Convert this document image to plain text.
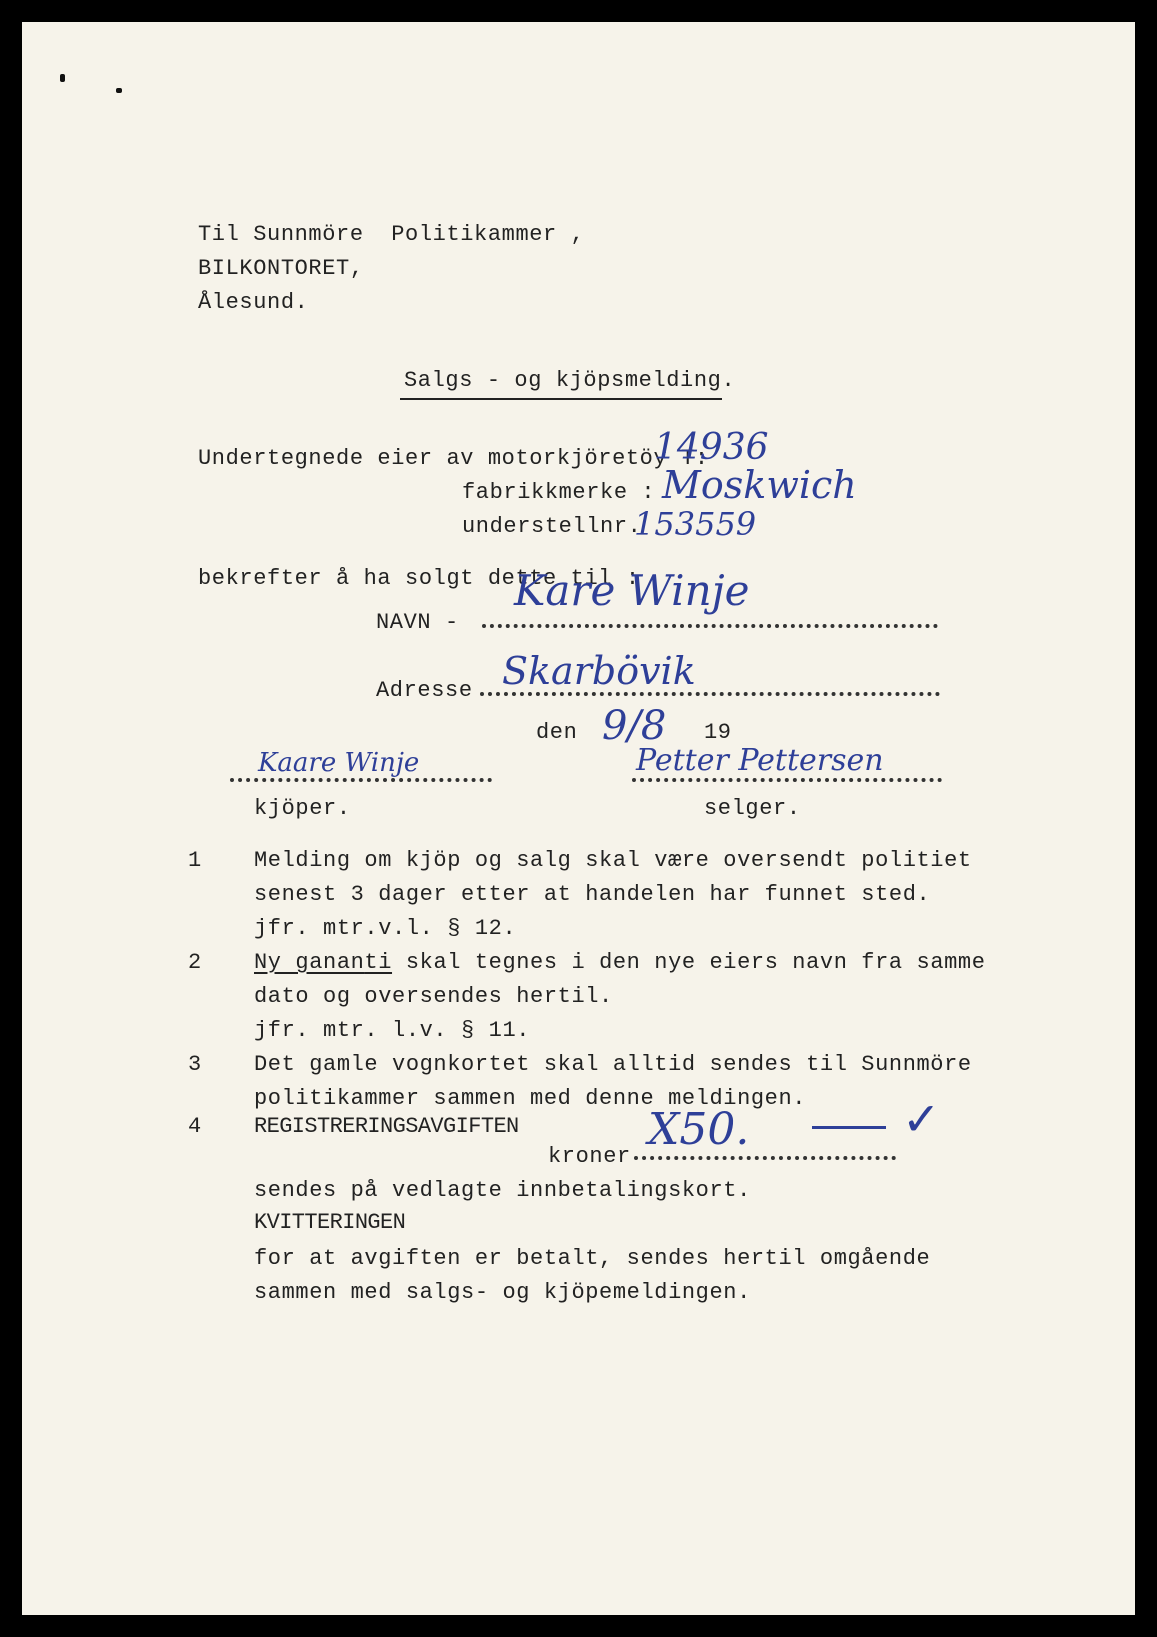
Til Sunnmöre  Politikammer ,
BILKONTORET,
Ålesund.
Salgs - og kjöpsmelding.
Undertegnede eier av motorkjöretöy T:
14936
fabrikkmerke : Moskwich
understellnr.
153559
bekrefter å ha solgt dette til :
NAVN -
Kare Winje
Adresse Skarbövik
den 9/8 19
Kaare Winje	Petter Pettersen
kjöper.	selger.
1 Melding om kjöp og salg skal være oversendt politiet
senest 3 dager etter at handelen har funnet sted.
jfr. mtr.v.l. § 12.
2 Ny gananti skal tegnes i den nye eiers navn fra samme
dato og oversendes hertil.
jfr. mtr. l.v. § 11.
3 Det gamle vognkortet skal alltid sendes til Sunnmöre
politikammer sammen med denne meldingen.
4 REGISTRERINGSAVGIFTEN
kroner
X50.	✓
sendes på vedlagte innbetalingskort.
KVITTERINGEN
for at avgiften er betalt, sendes hertil omgående
sammen med salgs- og kjöpemeldingen.
